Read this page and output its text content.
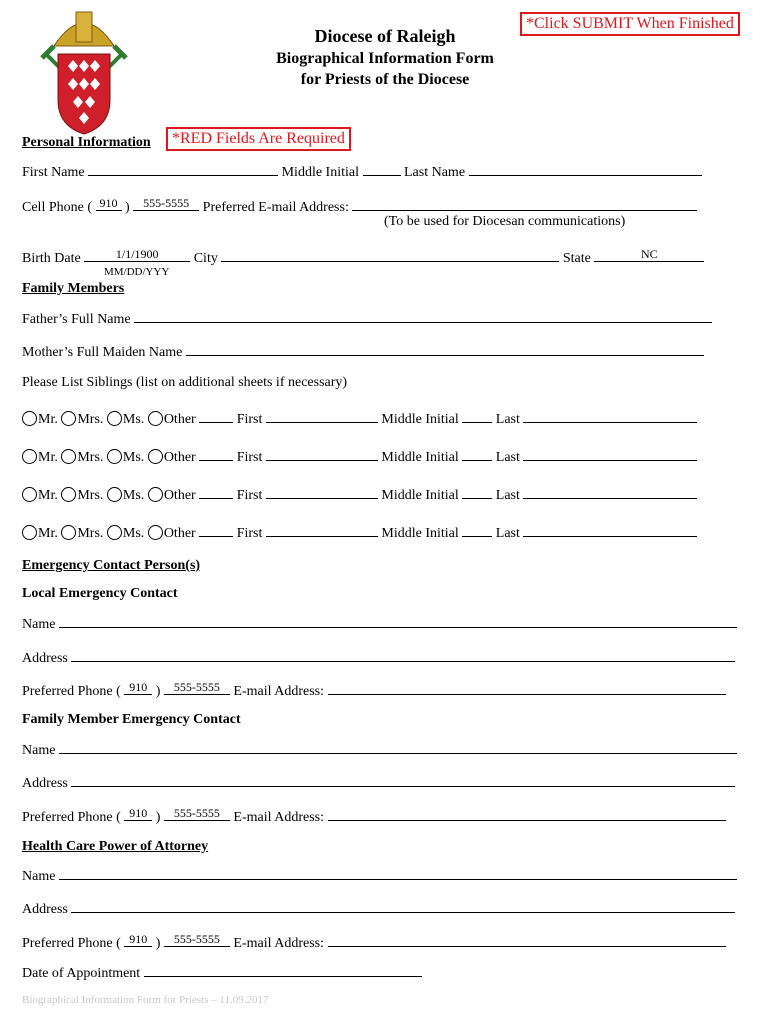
Diocese of Raleigh
Biographical Information Form
for Priests of the Diocese
*Click SUBMIT When Finished
Personal Information	*RED Fields Are Required
First Name	Middle Initial	Last Name
Cell Phone ( 910 )	555-5555 Preferred E-mail Address:
(To be used for Diocesan communications)
Birth Date	1/1/1900	City	State	NC
MM/DD/YYY
Family Members
Father’s Full Name
Mother’s Full Maiden Name
Please List Siblings (list on additional sheets if necessary)
Mr. Mrs. Ms. Other	First	Middle Initial	Last
Mr. Mrs. Ms. Other	First	Middle Initial	Last
Mr. Mrs. Ms. Other	First	Middle Initial	Last
Mr. Mrs. Ms. Other	First	Middle Initial	Last
Emergency Contact Person(s)
Local Emergency Contact
Name
Address
Preferred Phone ( 910 )	555-5555 E-mail Address:
Family Member Emergency Contact
Name
Address
Preferred Phone ( 910 )	555-5555 E-mail Address:
Health Care Power of Attorney
Name
Address
Preferred Phone ( 910 )	555-5555 E-mail Address:
Date of Appointment
Biographical Information Form for Priests – 11.09.2017
